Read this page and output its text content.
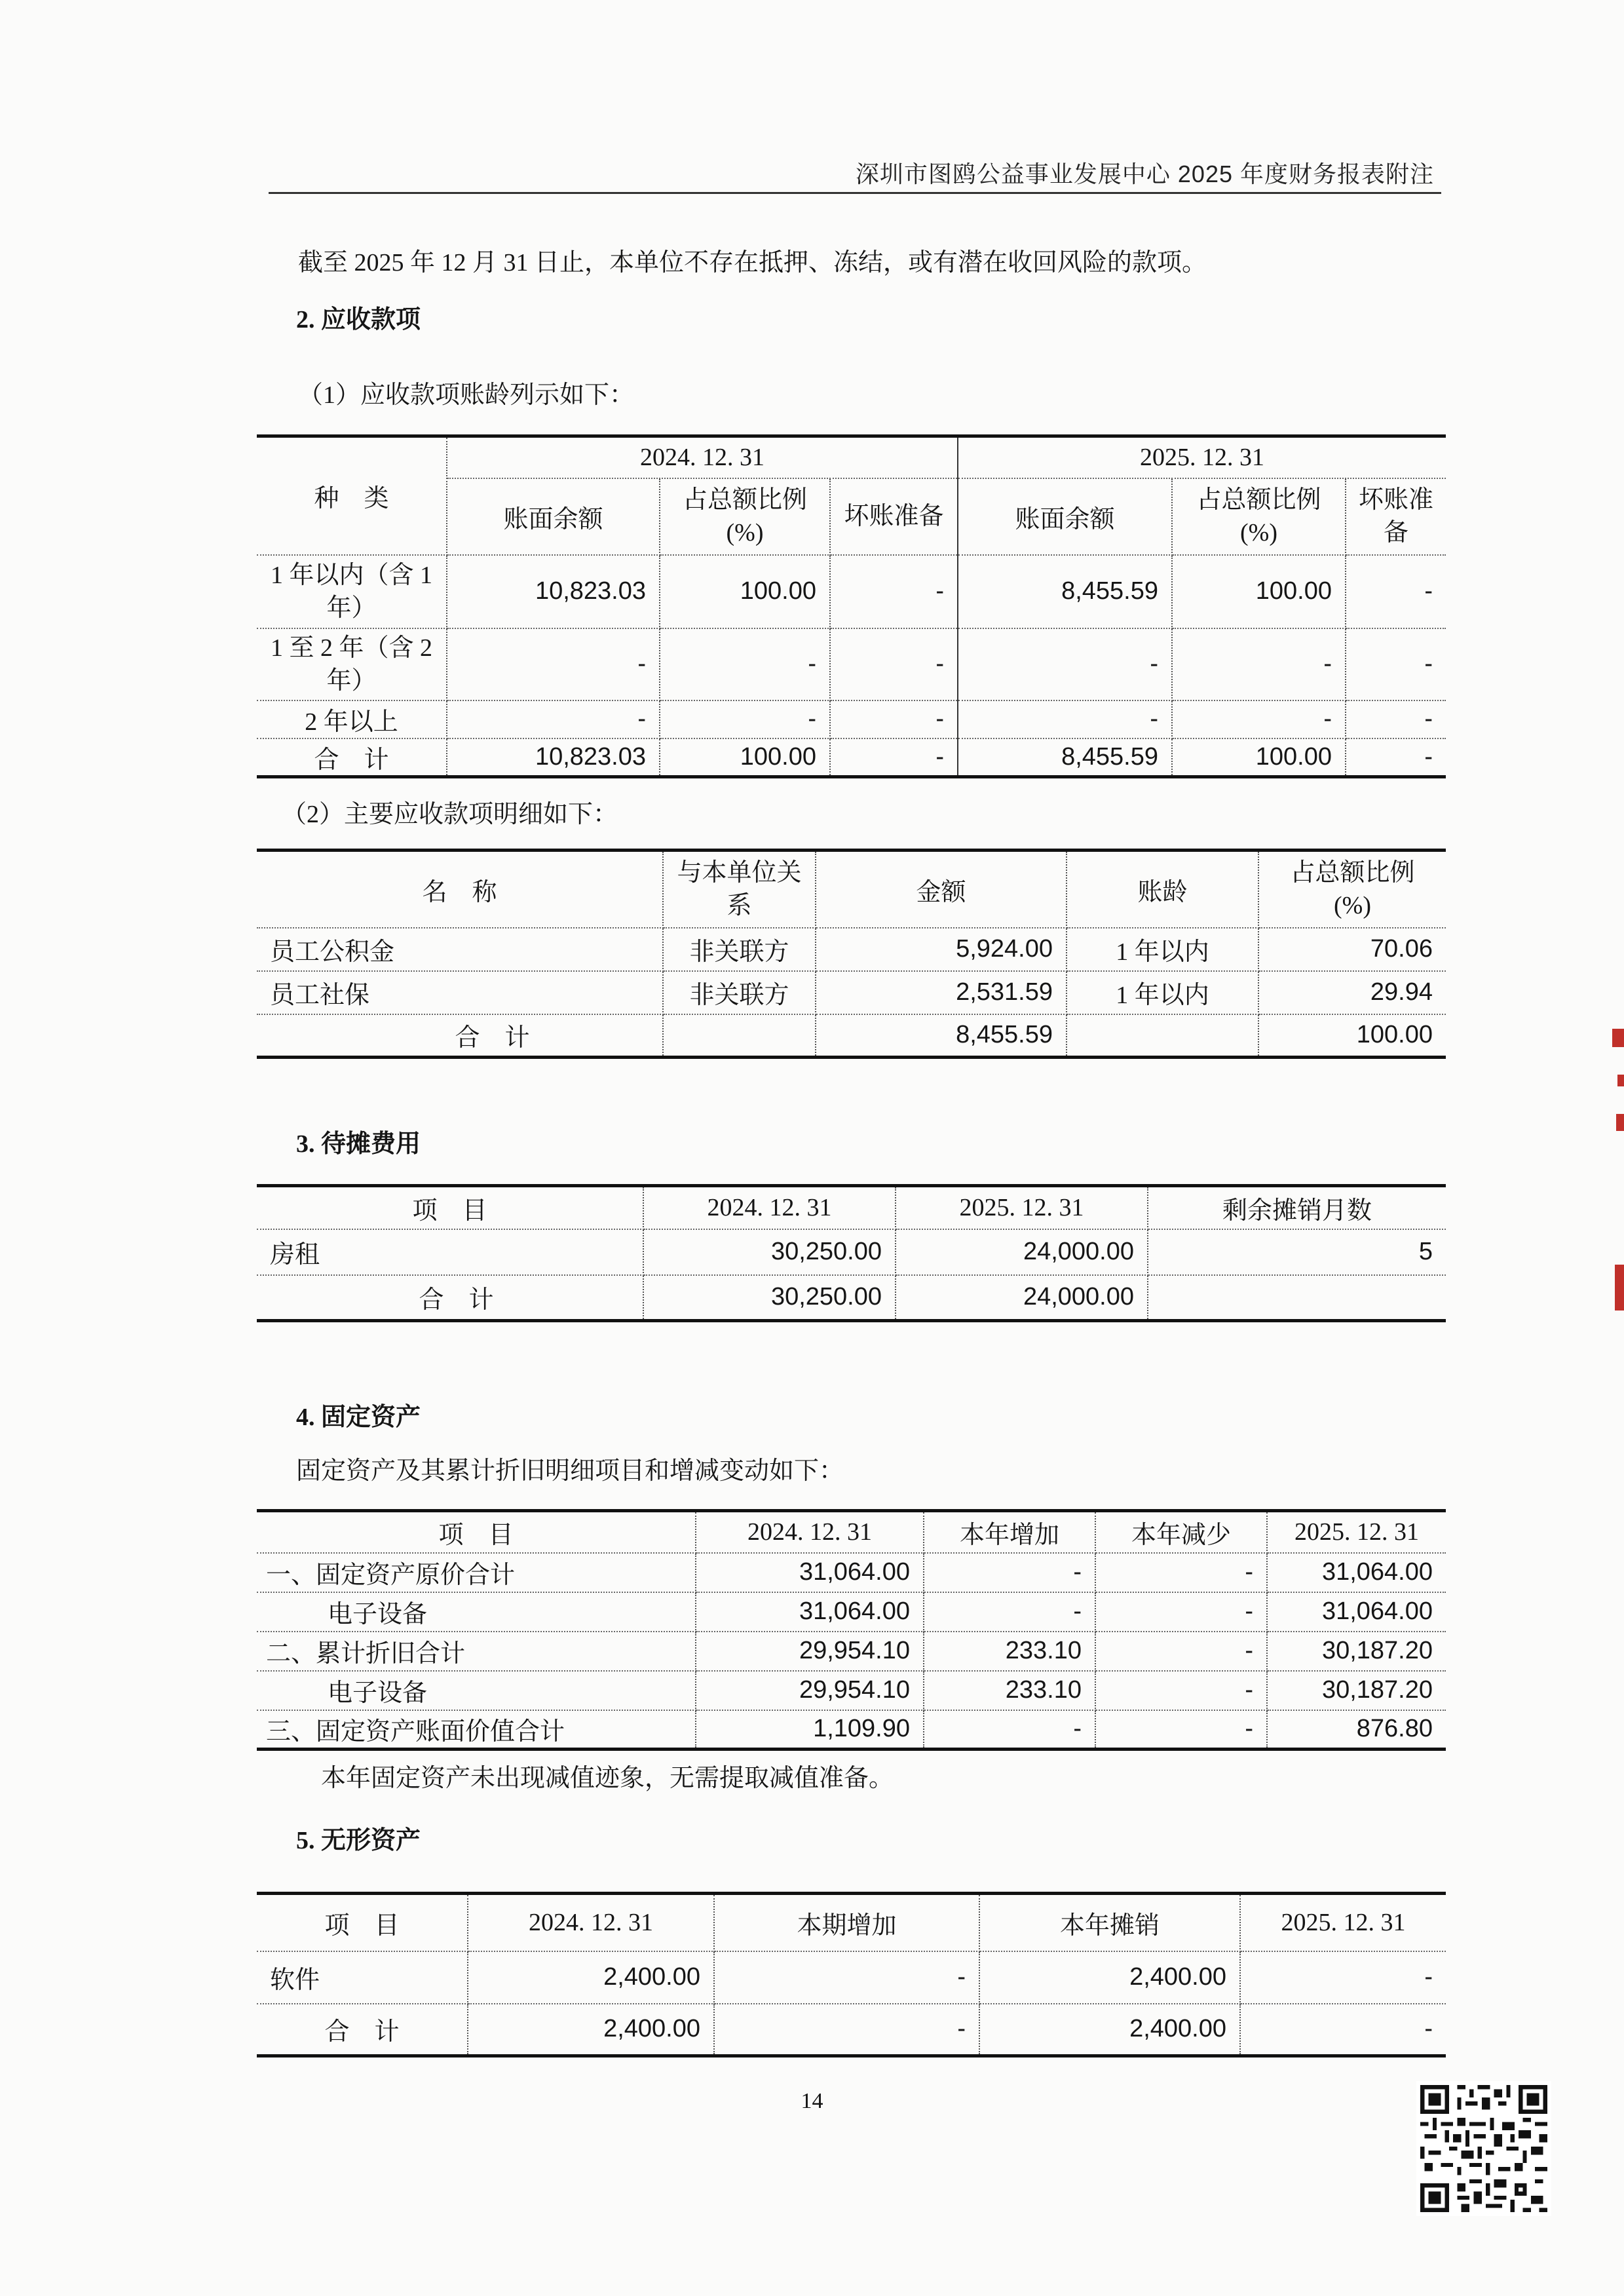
深圳市图鸥公益事业发展中心 2025 年度财务报表附注
截至 2025 年 12 月 31 日止，本单位不存在抵押、冻结，或有潜在收回风险的款项。
2. 应收款项
（1）应收款项账龄列示如下：
种　类	2024. 12. 31			2025. 12. 31		
	账面余额	占总额比例(%)	坏账准备	账面余额	占总额比例(%)	坏账准备
1 年以内（含 1 年）	10,823.03	100.00	-	8,455.59	100.00	-
1 至 2 年（含 2 年）	-	-	-	-	-	-
2 年以上	-	-	-	-	-	-
合　计	10,823.03	100.00	-	8,455.59	100.00	-
（2）主要应收款项明细如下：
名　称	与本单位关系	金额	账龄	占总额比例(%)
员工公积金	非关联方	5,924.00	1 年以内	70.06
员工社保	非关联方	2,531.59	1 年以内	29.94
合　计		8,455.59		100.00
3. 待摊费用
项　目	2024. 12. 31	2025. 12. 31	剩余摊销月数
房租	30,250.00	24,000.00	5
合　计	30,250.00	24,000.00	
4. 固定资产
固定资产及其累计折旧明细项目和增减变动如下：
项　目	2024. 12. 31	本年增加	本年减少	2025. 12. 31
一、固定资产原价合计	31,064.00	-	-	31,064.00
电子设备	31,064.00	-	-	31,064.00
二、累计折旧合计	29,954.10	233.10	-	30,187.20
电子设备	29,954.10	233.10	-	30,187.20
三、固定资产账面价值合计	1,109.90	-	-	876.80
本年固定资产未出现减值迹象，无需提取减值准备。
5. 无形资产
项　目	2024. 12. 31	本期增加	本年摊销	2025. 12. 31
软件	2,400.00	-	2,400.00	-
合　计	2,400.00	-	2,400.00	-
14
